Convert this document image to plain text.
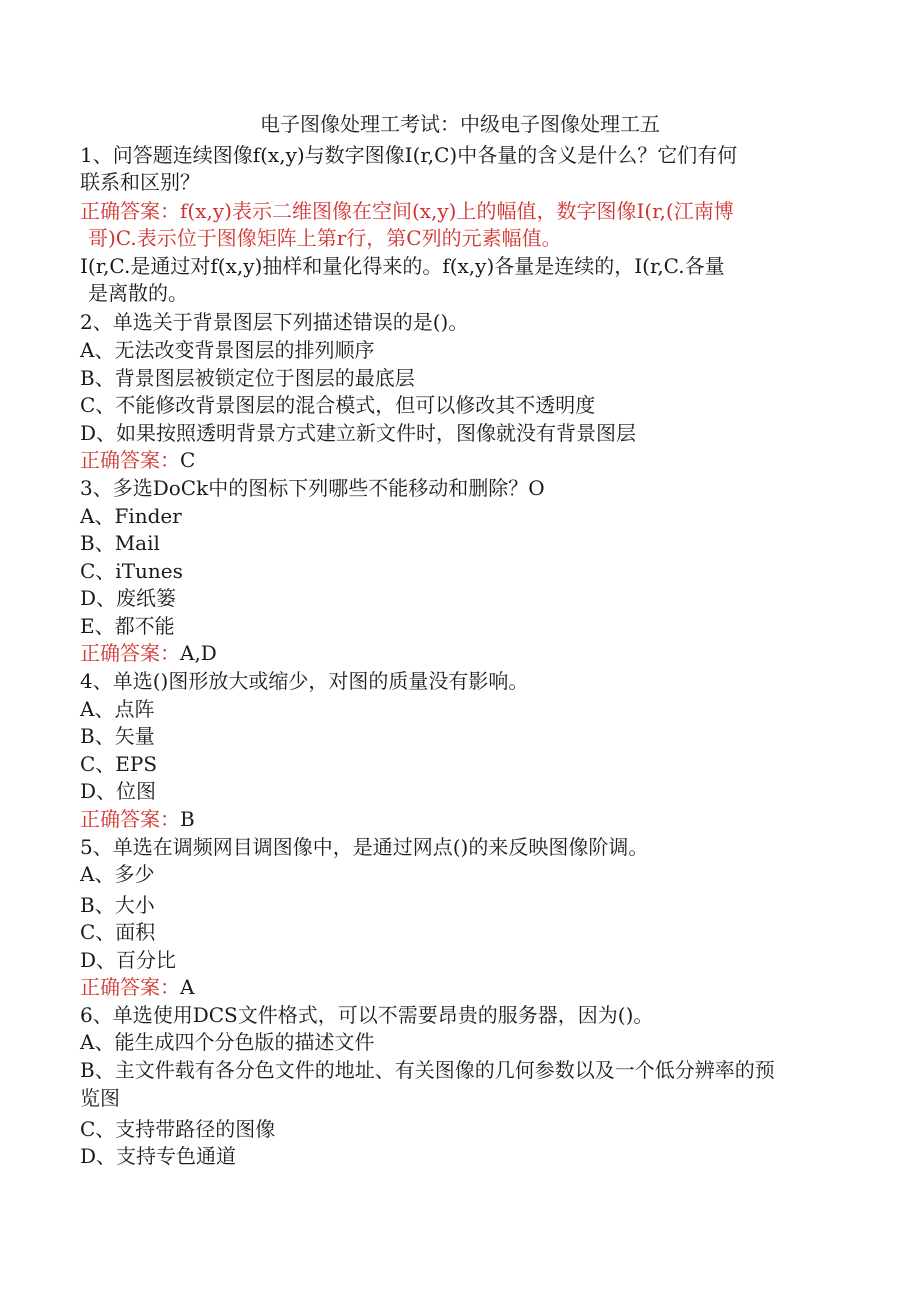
电子图像处理工考试：中级电子图像处理工五
1、问答题连续图像f(x,y)与数字图像I(r,C)中各量的含义是什么？它们有何
联系和区别？
正确答案：f(x,y)表示二维图像在空间(x,y)上的幅值，数字图像I(r,(江南博
哥)C.表示位于图像矩阵上第r行，第C列的元素幅值。
I(r,C.是通过对f(x,y)抽样和量化得来的。f(x,y)各量是连续的，I(r,C.各量
是离散的。
2、单选关于背景图层下列描述错误的是()。
A、无法改变背景图层的排列顺序
B、背景图层被锁定位于图层的最底层
C、不能修改背景图层的混合模式，但可以修改其不透明度
D、如果按照透明背景方式建立新文件时，图像就没有背景图层
正确答案：C
3、多选DoCk中的图标下列哪些不能移动和删除？O
A、Finder
B、Mail
C、iTunes
D、废纸篓
E、都不能
正确答案：A,D
4、单选()图形放大或缩少，对图的质量没有影响。
A、点阵
B、矢量
C、EPS
D、位图
正确答案：B
5、单选在调频网目调图像中，是通过网点()的来反映图像阶调。
A、多少
B、大小
C、面积
D、百分比
正确答案：A
6、单选使用DCS文件格式，可以不需要昂贵的服务器，因为()。
A、能生成四个分色版的描述文件
B、主文件载有各分色文件的地址、有关图像的几何参数以及一个低分辨率的预
览图
C、支持带路径的图像
D、支持专色通道
